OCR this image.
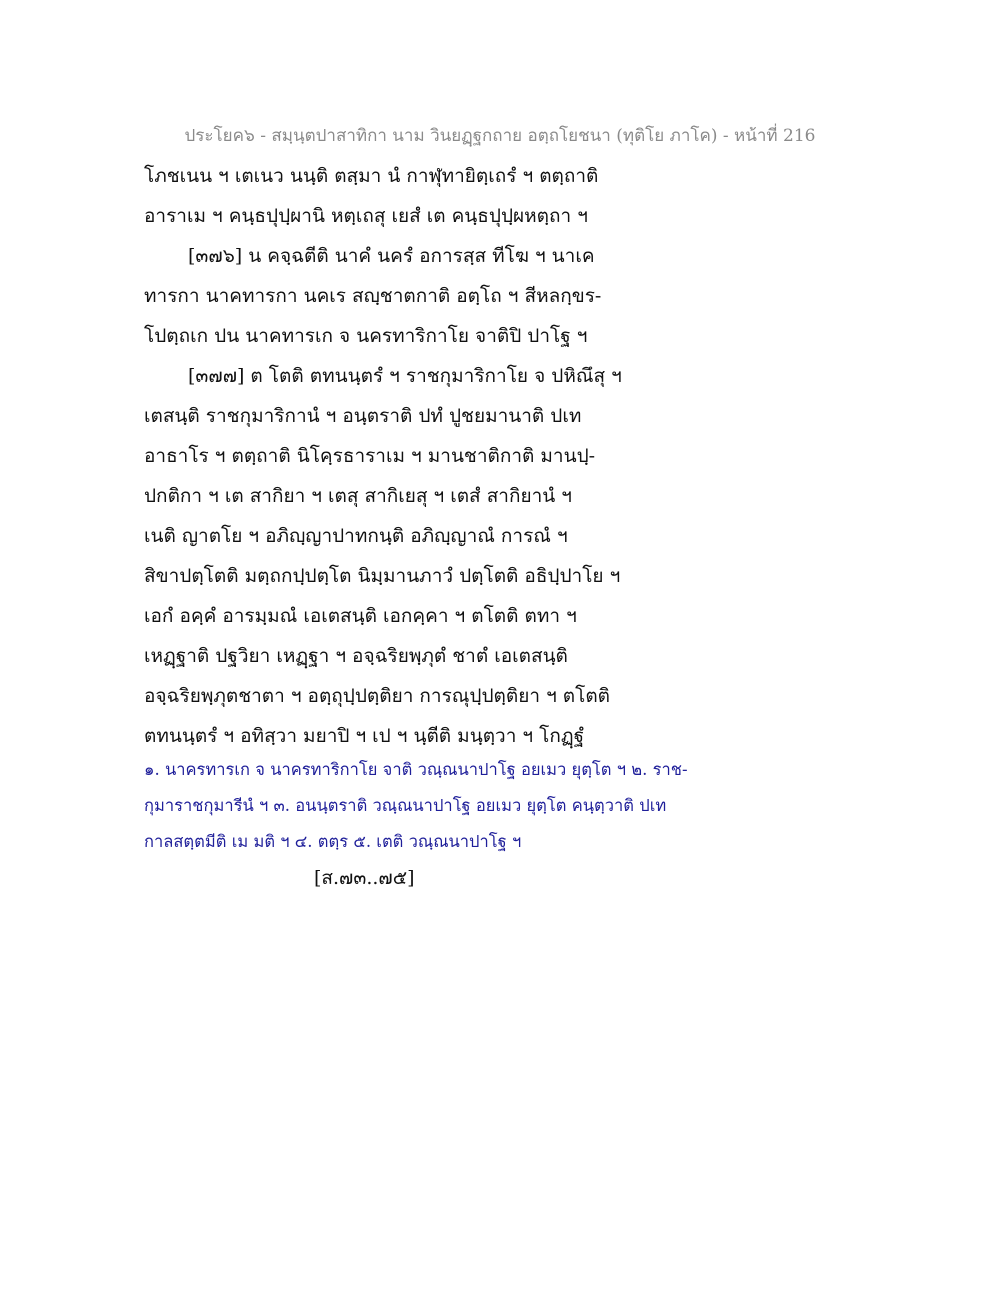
ประโยค๖ - สมฺนฺตปาสาทิกา นาม วินยฏฺฐกถาย อตฺถโยชนา (ทุติโย ภาโค) - หน้าที่ 216
โภชเนน ฯ เตเนว นนฺติ ตสฺมา นํ กาฬุทายิตฺเถรํ ฯ ตตฺถาติ
อาราเม ฯ คนฺธปุปฺผานิ หตฺเถสุ เยสํ เต คนฺธปุปฺผหตฺถา ฯ
[๓๗๖] น คจฺฉตีติ นาคํ นครํ อการสฺส ทีโฆ ฯ นาเค
ทารกา นาคทารกา นคเร สญฺชาตกาติ อตฺโถ ฯ สีหลกฺขร-
โปตฺถเก ปน นาคทารเก จ นครทาริกาโย จาติปิ ปาโฐ ฯ
[๓๗๗] ต โตติ ตทนนฺตรํ ฯ ราชกุมาริกาโย จ ปหิณึสุ ฯ
เตสนฺติ ราชกุมาริกานํ ฯ อนฺตราติ ปทํ ปูชยมานาติ ปเท
อาธาโร ฯ ตตฺถาติ นิโคฺรธาราเม ฯ มานชาติกาติ มานปฺ-
ปกติกา ฯ เต สากิยา ฯ เตสุ สากิเยสุ ฯ เตสํ สากิยานํ ฯ
เนติ ญาตโย ฯ อภิญฺญาปาทกนฺติ อภิญฺญาณํ การณํ ฯ
สิขาปตฺโตติ มตฺถกปฺปตฺโต นิมฺมานภาวํ ปตฺโตติ อธิปฺปาโย ฯ
เอกํ อคฺคํ อารมฺมณํ เอเตสนฺติ เอกคฺคา ฯ ตโตติ ตทา ฯ
เหฏฺฐาติ ปฐวิยา เหฏฺฐา ฯ อจฺฉริยพฺภุตํ ชาตํ เอเตสนฺติ
อจฺฉริยพฺภุตชาตา ฯ อตฺถุปฺปตฺติยา การณุปฺปตฺติยา ฯ ตโตติ
ตทนนฺตรํ ฯ อทิสฺวา มยาปิ ฯ เป ฯ นฺตีติ มนฺตฺวา ฯ โกฏฺฐํ
๑. นาครทารเก จ นาครทาริกาโย จาติ วณฺณนาปาโฐ อยเมว ยุตฺโต ฯ ๒. ราช-
กุมาราชกุมารีนํ ฯ ๓. อนนฺตราติ วณฺณนาปาโฐ อยเมว ยุตฺโต คนฺตฺวาติ ปเท
กาลสตฺตมีติ เม มติ ฯ ๔. ตตฺร ๕. เตติ วณฺณนาปาโฐ ฯ
[ส.๗๓..๗๕]
